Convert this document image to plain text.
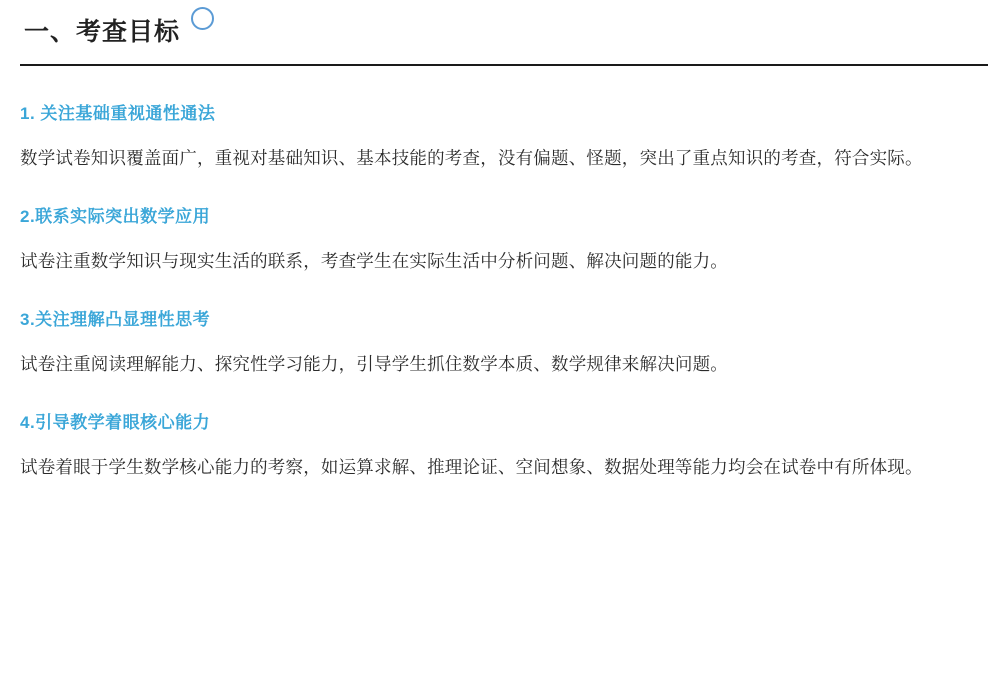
一、考查目标
1. 关注基础重视通性通法

数学试卷知识覆盖面广，重视对基础知识、基本技能的考查，没有偏题、怪题，突出了重点知识的考查，符合实际。

2.联系实际突出数学应用

试卷注重数学知识与现实生活的联系，考查学生在实际生活中分析问题、解决问题的能力。

3.关注理解凸显理性思考

试卷注重阅读理解能力、探究性学习能力，引导学生抓住数学本质、数学规律来解决问题。

4.引导教学着眼核心能力

试卷着眼于学生数学核心能力的考察，如运算求解、推理论证、空间想象、数据处理等能力均会在试卷中有所体现。
